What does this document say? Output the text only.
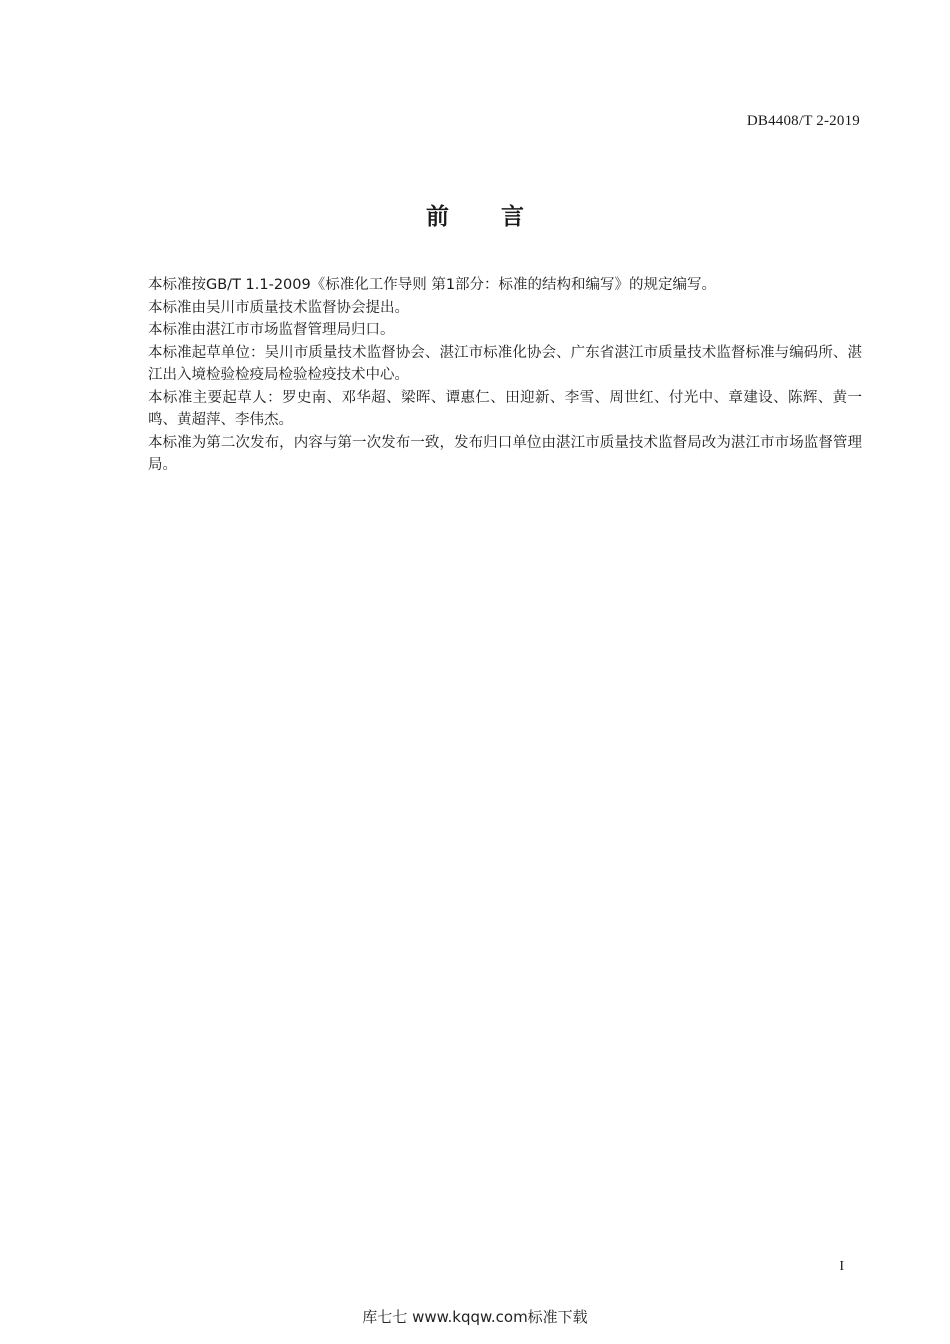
DB4408/T 2-2019
前 言

本标准按GB/T 1.1-2009《标准化工作导则 第1部分：标准的结构和编写》的规定编写。

本标准由吴川市质量技术监督协会提出。

本标准由湛江市市场监督管理局归口。

本标准起草单位：吴川市质量技术监督协会、湛江市标准化协会、广东省湛江市质量技术监督标准与编码所、湛江出入境检验检疫局检验检疫技术中心。

本标准主要起草人：罗史南、邓华超、梁晖、谭惠仁、田迎新、李雪、周世红、付光中、章建设、陈辉、黄一鸣、黄超萍、李伟杰。

本标准为第二次发布，内容与第一次发布一致，发布归口单位由湛江市质量技术监督局改为湛江市市场监督管理局。

I
库七七 www.kqqw.com标准下载
